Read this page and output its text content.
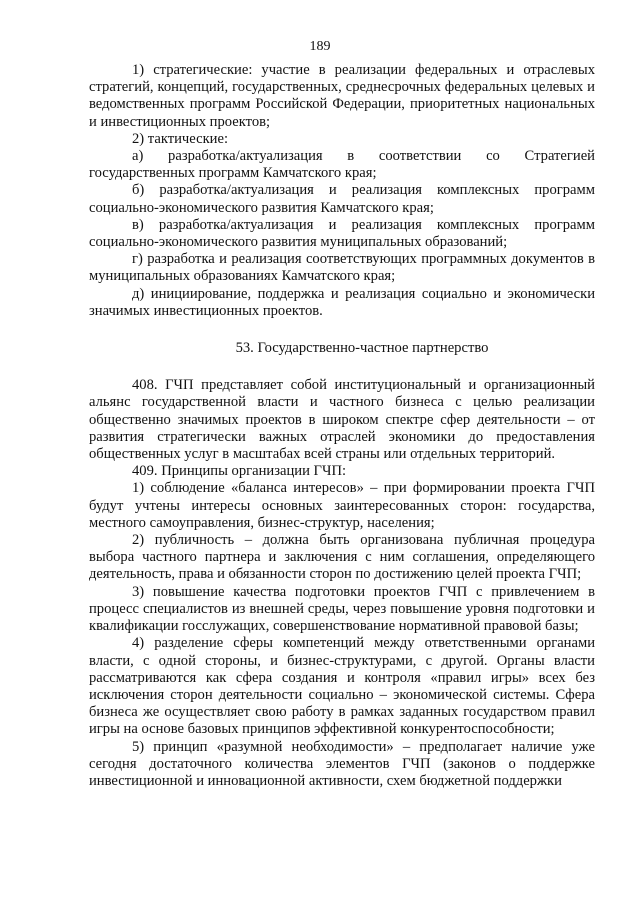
189

1) стратегические: участие в реализации федеральных и отраслевых стратегий, концепций, государственных, среднесрочных федеральных целевых и ведомственных программ Российской Федерации, приоритетных национальных и инвестиционных проектов;

2) тактические:

а) разработка/актуализация в соответствии со Стратегией государственных программ Камчатского края;

б) разработка/актуализация и реализация комплексных программ социально-экономического развития Камчатского края;

в) разработка/актуализация и реализация комплексных программ социально-экономического развития муниципальных образований;

г) разработка и реализация соответствующих программных документов в муниципальных образованиях Камчатского края;

д) инициирование, поддержка и реализация социально и экономически значимых инвестиционных проектов.

53. Государственно-частное партнерство

408. ГЧП представляет собой институциональный и организационный альянс государственной власти и частного бизнеса с целью реализации общественно значимых проектов в широком спектре сфер деятельности – от развития стратегически важных отраслей экономики до предоставления общественных услуг в масштабах всей страны или отдельных территорий.

409. Принципы организации ГЧП:

1) соблюдение «баланса интересов» – при формировании проекта ГЧП будут учтены интересы основных заинтересованных сторон: государства, местного самоуправления, бизнес-структур, населения;

2) публичность – должна быть организована публичная процедура выбора частного партнера и заключения с ним соглашения, определяющего деятельность, права и обязанности сторон по достижению целей проекта ГЧП;

3) повышение качества подготовки проектов ГЧП с привлечением в процесс специалистов из внешней среды, через повышение уровня подготовки и квалификации госслужащих, совершенствование нормативной правовой базы;

4) разделение сферы компетенций между ответственными органами власти, с одной стороны, и бизнес-структурами, с другой. Органы власти рассматриваются как сфера создания и контроля «правил игры» всех без исключения сторон деятельности социально – экономической системы. Сфера бизнеса же осуществляет свою работу в рамках заданных государством правил игры на основе базовых принципов эффективной конкурентоспособности;

5) принцип «разумной необходимости» – предполагает наличие уже сегодня достаточного количества элементов ГЧП (законов о поддержке инвестиционной и инновационной активности, схем бюджетной поддержки
